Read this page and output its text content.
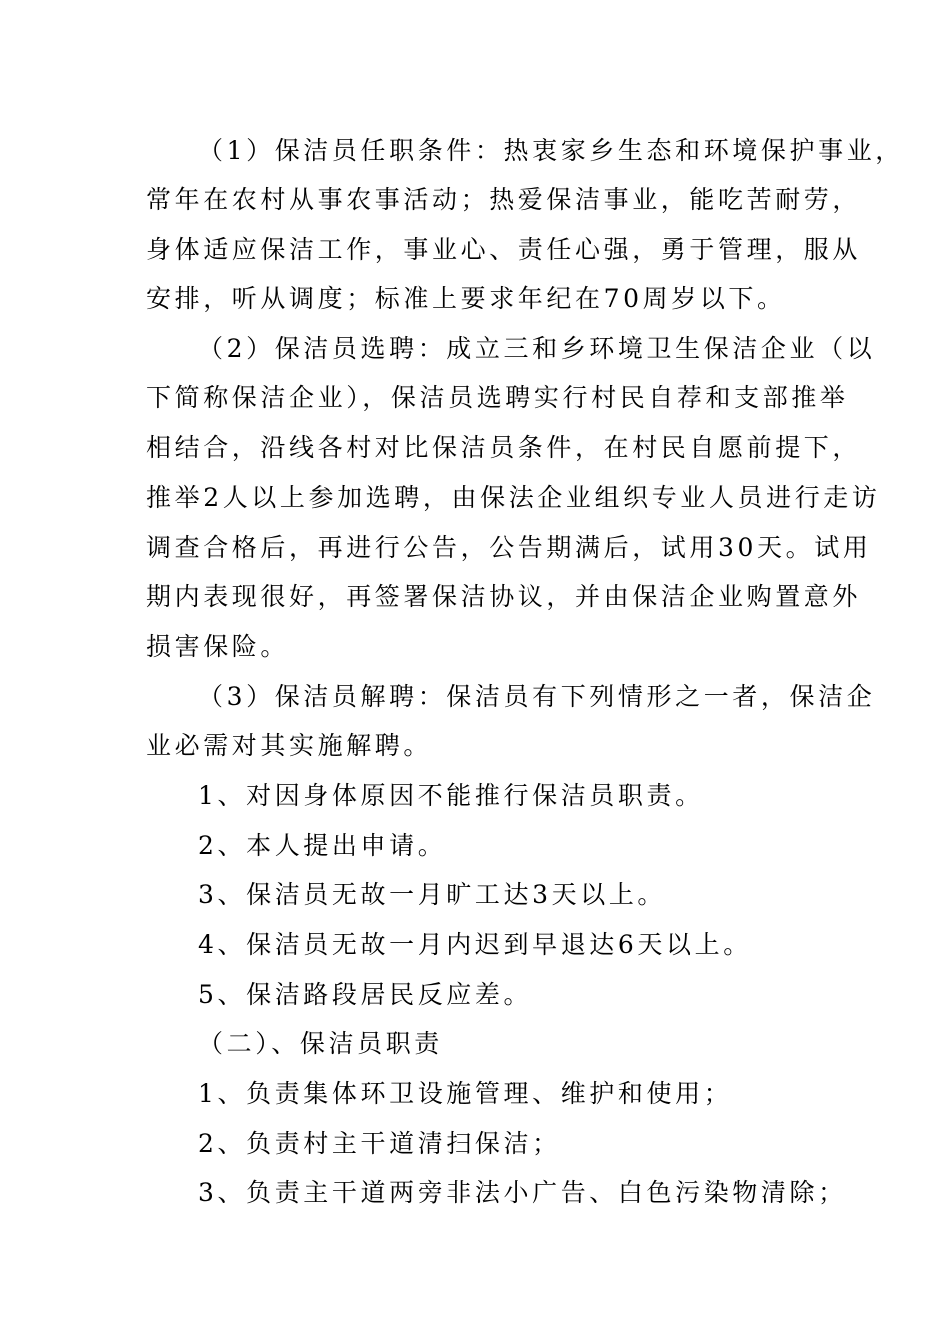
（1）保洁员任职条件：热衷家乡生态和环境保护事业，
常年在农村从事农事活动；热爱保洁事业，能吃苦耐劳，
身体适应保洁工作，事业心、责任心强，勇于管理，服从
安排，听从调度；标准上要求年纪在70周岁以下。
（2）保洁员选聘：成立三和乡环境卫生保洁企业（以
下简称保洁企业），保洁员选聘实行村民自荐和支部推举
相结合，沿线各村对比保洁员条件，在村民自愿前提下，
推举2人以上参加选聘，由保法企业组织专业人员进行走访
调查合格后，再进行公告，公告期满后，试用30天。试用
期内表现很好，再签署保洁协议，并由保洁企业购置意外
损害保险。
（3）保洁员解聘：保洁员有下列情形之一者，保洁企
业必需对其实施解聘。
1、对因身体原因不能推行保洁员职责。
2、本人提出申请。
3、保洁员无故一月旷工达3天以上。
4、保洁员无故一月内迟到早退达6天以上。
5、保洁路段居民反应差。
（二）、保洁员职责
1、负责集体环卫设施管理、维护和使用；
2、负责村主干道清扫保洁；
3、负责主干道两旁非法小广告、白色污染物清除；
